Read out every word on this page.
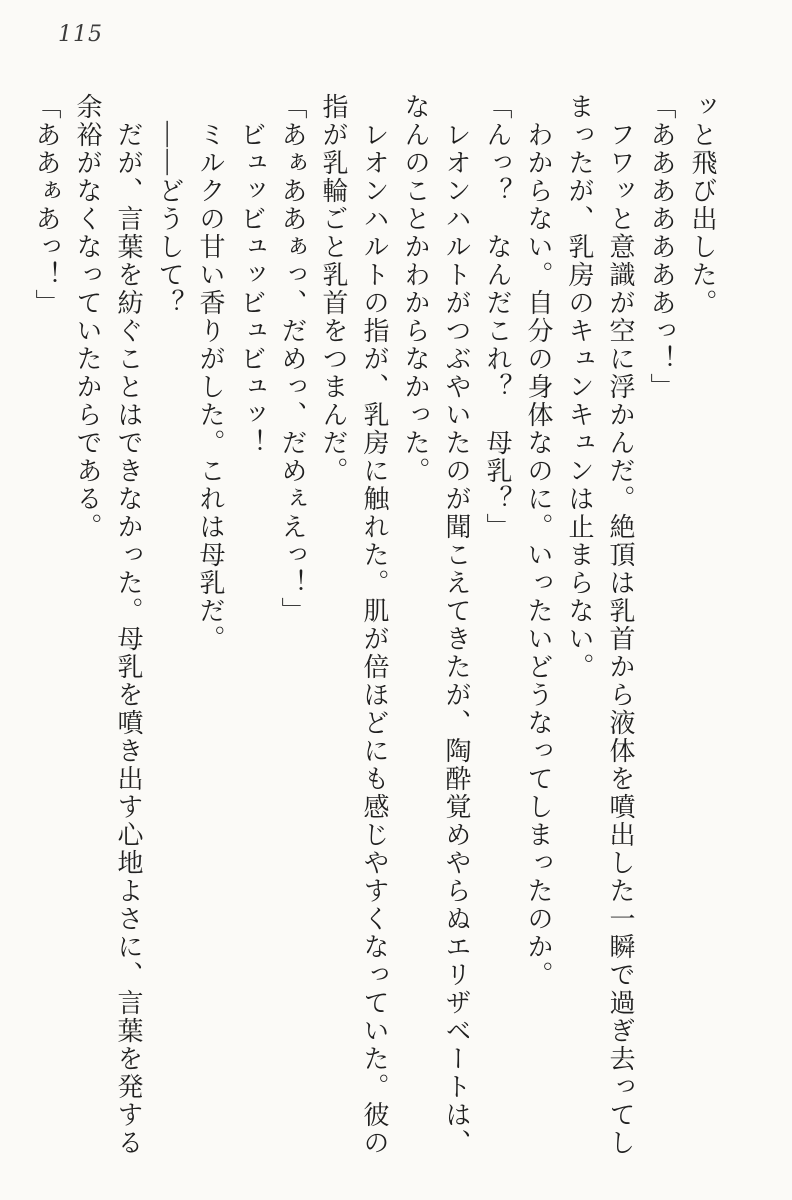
115
ッと飛び出した。
「あああああああっ！」
　フワッと意識が空に浮かんだ。絶頂は乳首から液体を噴出した一瞬で過ぎ去ってし
まったが、乳房のキュンキュンは止まらない。
　わからない。自分の身体なのに。いったいどうなってしまったのか。
「んっ？　なんだこれ？　母乳？」
　レオンハルトがつぶやいたのが聞こえてきたが、陶酔覚めやらぬエリザベートは、
なんのことかわからなかった。
　レオンハルトの指が、乳房に触れた。肌が倍ほどにも感じやすくなっていた。彼の
指が乳輪ごと乳首をつまんだ。
「あぁああぁっ、だめっ、だめぇえっ！」
　ビュッビュッビュビュッ！
　ミルクの甘い香りがした。これは母乳だ。
　――どうして？
　だが、言葉を紡ぐことはできなかった。母乳を噴き出す心地よさに、言葉を発する
余裕がなくなっていたからである。
「ああぁあっ！」
